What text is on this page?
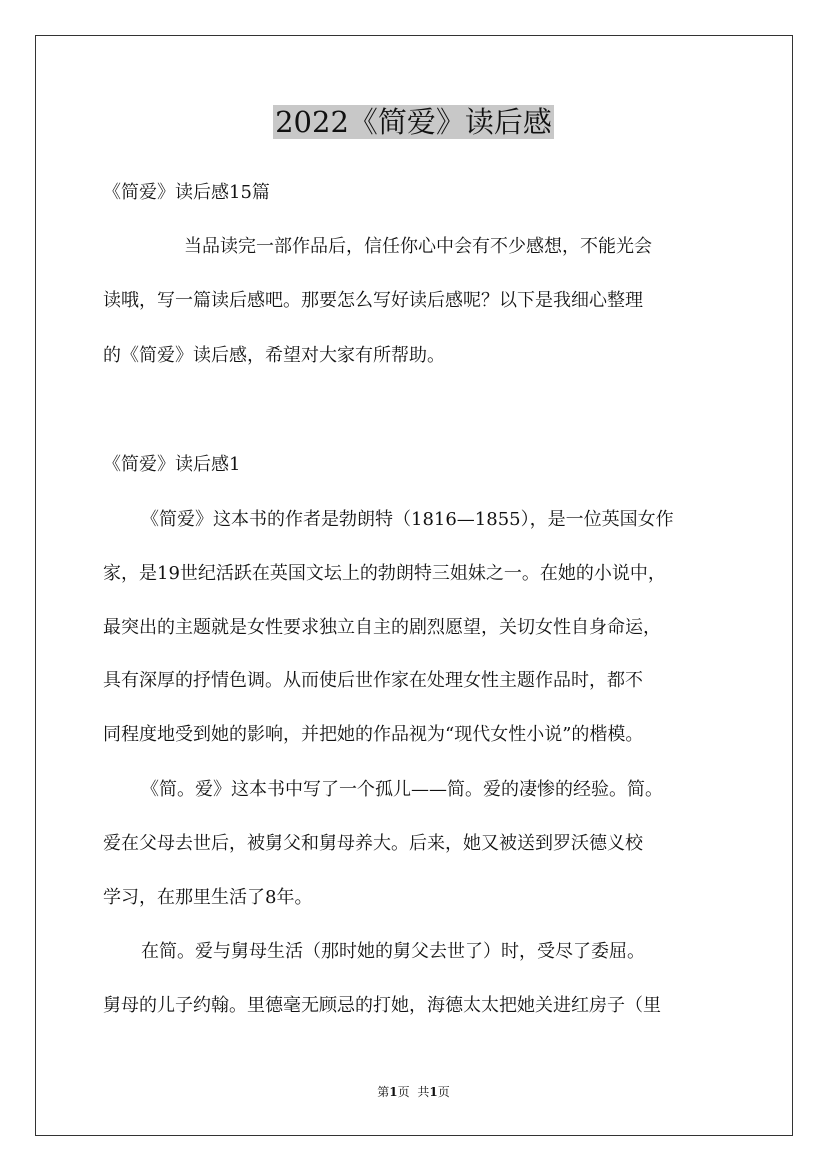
2022《简爱》读后感

《简爱》读后感15篇

当品读完一部作品后，信任你心中会有不少感想，不能光会

读哦，写一篇读后感吧。那要怎么写好读后感呢？以下是我细心整理

的《简爱》读后感，希望对大家有所帮助。

《简爱》读后感1

《简爱》这本书的作者是勃朗特（1816—1855），是一位英国女作

家，是19世纪活跃在英国文坛上的勃朗特三姐妹之一。在她的小说中，

最突出的主题就是女性要求独立自主的剧烈愿望，关切女性自身命运，

具有深厚的抒情色调。从而使后世作家在处理女性主题作品时，都不

同程度地受到她的影响，并把她的作品视为“现代女性小说”的楷模。

《简。爱》这本书中写了一个孤儿——简。爱的凄惨的经验。简。

爱在父母去世后，被舅父和舅母养大。后来，她又被送到罗沃德义校

学习，在那里生活了8年。

在简。爱与舅母生活（那时她的舅父去世了）时，受尽了委屈。

舅母的儿子约翰。里德毫无顾忌的打她，海德太太把她关进红房子（里

第1页 共1页
